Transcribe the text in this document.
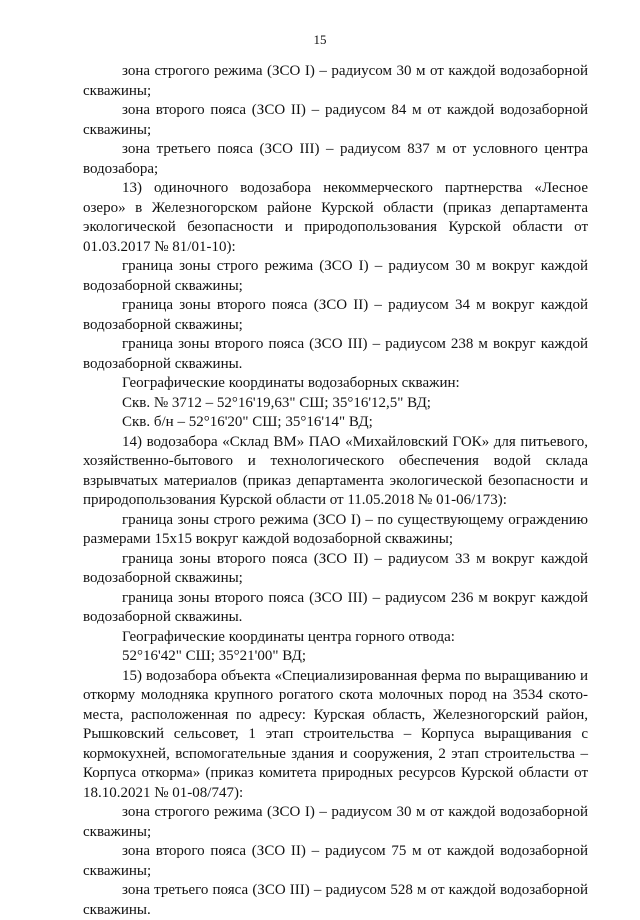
15

зона строгого режима (ЗСО I) – радиусом 30 м от каждой водозаборной скважины;

зона второго пояса (ЗСО II) – радиусом 84 м от каждой водозаборной скважины;

зона третьего пояса (ЗСО III) – радиусом 837 м от условного центра водозабора;

13) одиночного водозабора некоммерческого партнерства «Лесное озеро» в Железногорском районе Курской области (приказ департамента экологической безопасности и природопользования Курской области от 01.03.2017 № 81/01-10):

граница зоны строго режима (ЗСО I) – радиусом 30 м вокруг каждой водозаборной скважины;

граница зоны второго пояса (ЗСО II) – радиусом 34 м вокруг каждой водозаборной скважины;

граница зоны второго пояса (ЗСО III) – радиусом 238 м вокруг каждой водозаборной скважины.

Географические координаты водозаборных скважин:

Скв. № 3712 – 52°16'19,63" СШ; 35°16'12,5" ВД;

Скв. б/н – 52°16'20" СШ; 35°16'14" ВД;

14) водозабора «Склад ВМ» ПАО «Михайловский ГОК» для питьевого, хозяйственно-бытового и технологического обеспечения водой склада взрывчатых материалов (приказ департамента экологической безопасности и природопользования Курской области от 11.05.2018 № 01-06/173):

граница зоны строго режима (ЗСО I) – по существующему ограждению размерами 15х15 вокруг каждой водозаборной скважины;

граница зоны второго пояса (ЗСО II) – радиусом 33 м вокруг каждой водозаборной скважины;

граница зоны второго пояса (ЗСО III) – радиусом 236 м вокруг каждой водозаборной скважины.

Географические координаты центра горного отвода:

52°16'42" СШ; 35°21'00" ВД;

15) водозабора объекта «Специализированная ферма по выращиванию и откорму молодняка крупного рогатого скота молочных пород на 3534 ското-места, расположенная по адресу: Курская область, Железногорский район, Рышковский сельсовет, 1 этап строительства – Корпуса выращивания с кормокухней, вспомогательные здания и сооружения, 2 этап строительства – Корпуса откорма» (приказ комитета природных ресурсов Курской области от 18.10.2021 № 01-08/747):

зона строгого режима (ЗСО I) – радиусом 30 м от каждой водозаборной скважины;

зона второго пояса (ЗСО II) – радиусом 75 м от каждой водозаборной скважины;

зона третьего пояса (ЗСО III) – радиусом 528 м от каждой водозаборной скважины.
